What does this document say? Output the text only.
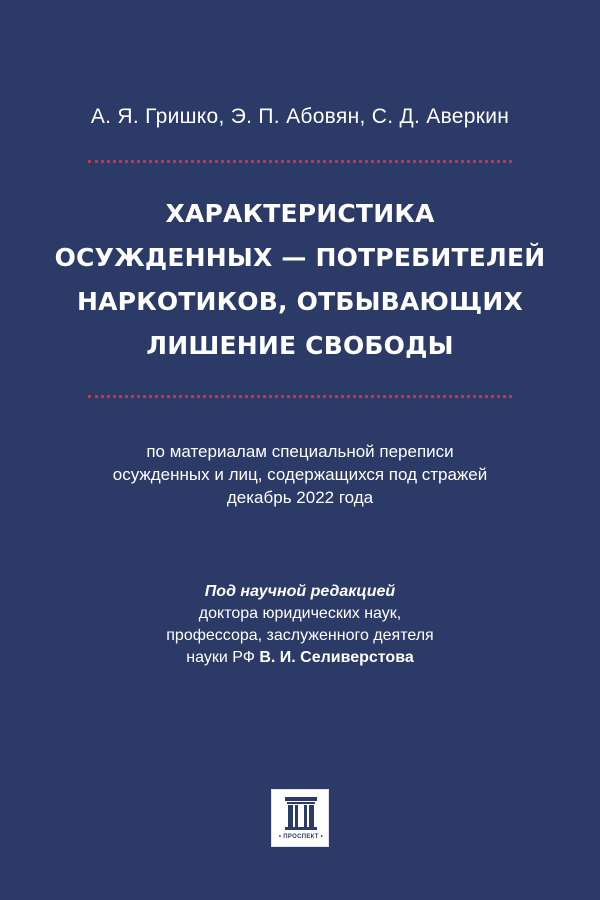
А. Я. Гришко, Э. П. Абовян, С. Д. Аверкин
ХАРАКТЕРИСТИКА
ОСУЖДЕННЫХ — ПОТРЕБИТЕЛЕЙ
НАРКОТИКОВ, ОТБЫВАЮЩИХ
ЛИШЕНИЕ СВОБОДЫ
по материалам специальной переписи
осужденных и лиц, содержащихся под стражей
декабрь 2022 года
Под научной редакцией
доктора юридических наук,
профессора, заслуженного деятеля
науки РФ В. И. Селиверстова
• ПРОСПЕКТ •
